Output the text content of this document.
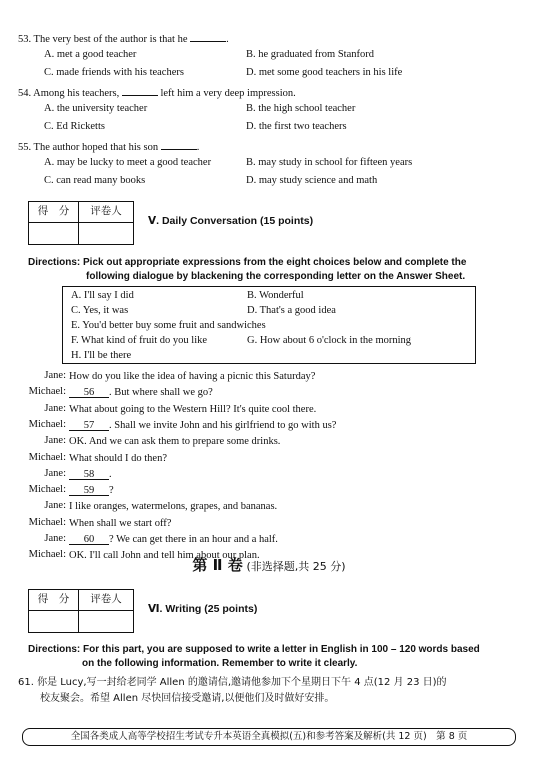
53. The very best of the author is that he	.
A. met a good teacher	B. he graduated from Stanford
C. made friends with his teachers	D. met some good teachers in his life
54. Among his teachers,	left him a very deep impression.
A. the university teacher	B. the high school teacher
C. Ed Ricketts	D. the first two teachers
55. The author hoped that his son	.
A. may be lucky to meet a good teacher	B. may study in school for fifteen years
C. can read many books	D. may study science and math
得　分	评卷人
Ⅴ. Daily Conversation (15 points)
Directions: Pick out appropriate expressions from the eight choices below and complete the
following dialogue by blackening the corresponding letter on the Answer Sheet.
A. I'll say I did	B. Wonderful
C. Yes, it was	D. That's a good idea
E. You'd better buy some fruit and sandwiches
F. What kind of fruit do you like	G. How about 6 o'clock in the morning
H. I'll be there
Jane: How do you like the idea of having a picnic this Saturday?
Michael:	56 . But where shall we go?
Jane: What about going to the Western Hill? It's quite cool there.
Michael:	57 . Shall we invite John and his girlfriend to go with us?
Jane: OK. And we can ask them to prepare some drinks.
Michael: What should I do then?
Jane:	58 .
Michael:	59 ?
Jane: I like oranges, watermelons, grapes, and bananas.
Michael: When shall we start off?
Jane:	60 ? We can get there in an hour and a half.
Michael: OK. I'll call John and tell him about our plan.
第 Ⅱ 卷 (非选择题,共 25 分)
得　分	评卷人
Ⅵ. Writing (25 points)
Directions: For this part, you are supposed to write a letter in English in 100 – 120 words based
on the following information. Remember to write it clearly.
61. 你是 Lucy,写一封给老同学 Allen 的邀请信,邀请他参加下个星期日下午 4 点(12 月 23 日)的
校友聚会。希望 Allen 尽快回信接受邀请,以便他们及时做好安排。
全国各类成人高等学校招生考试专升本英语全真模拟(五)和参考答案及解析(共 12 页)　第 8 页
